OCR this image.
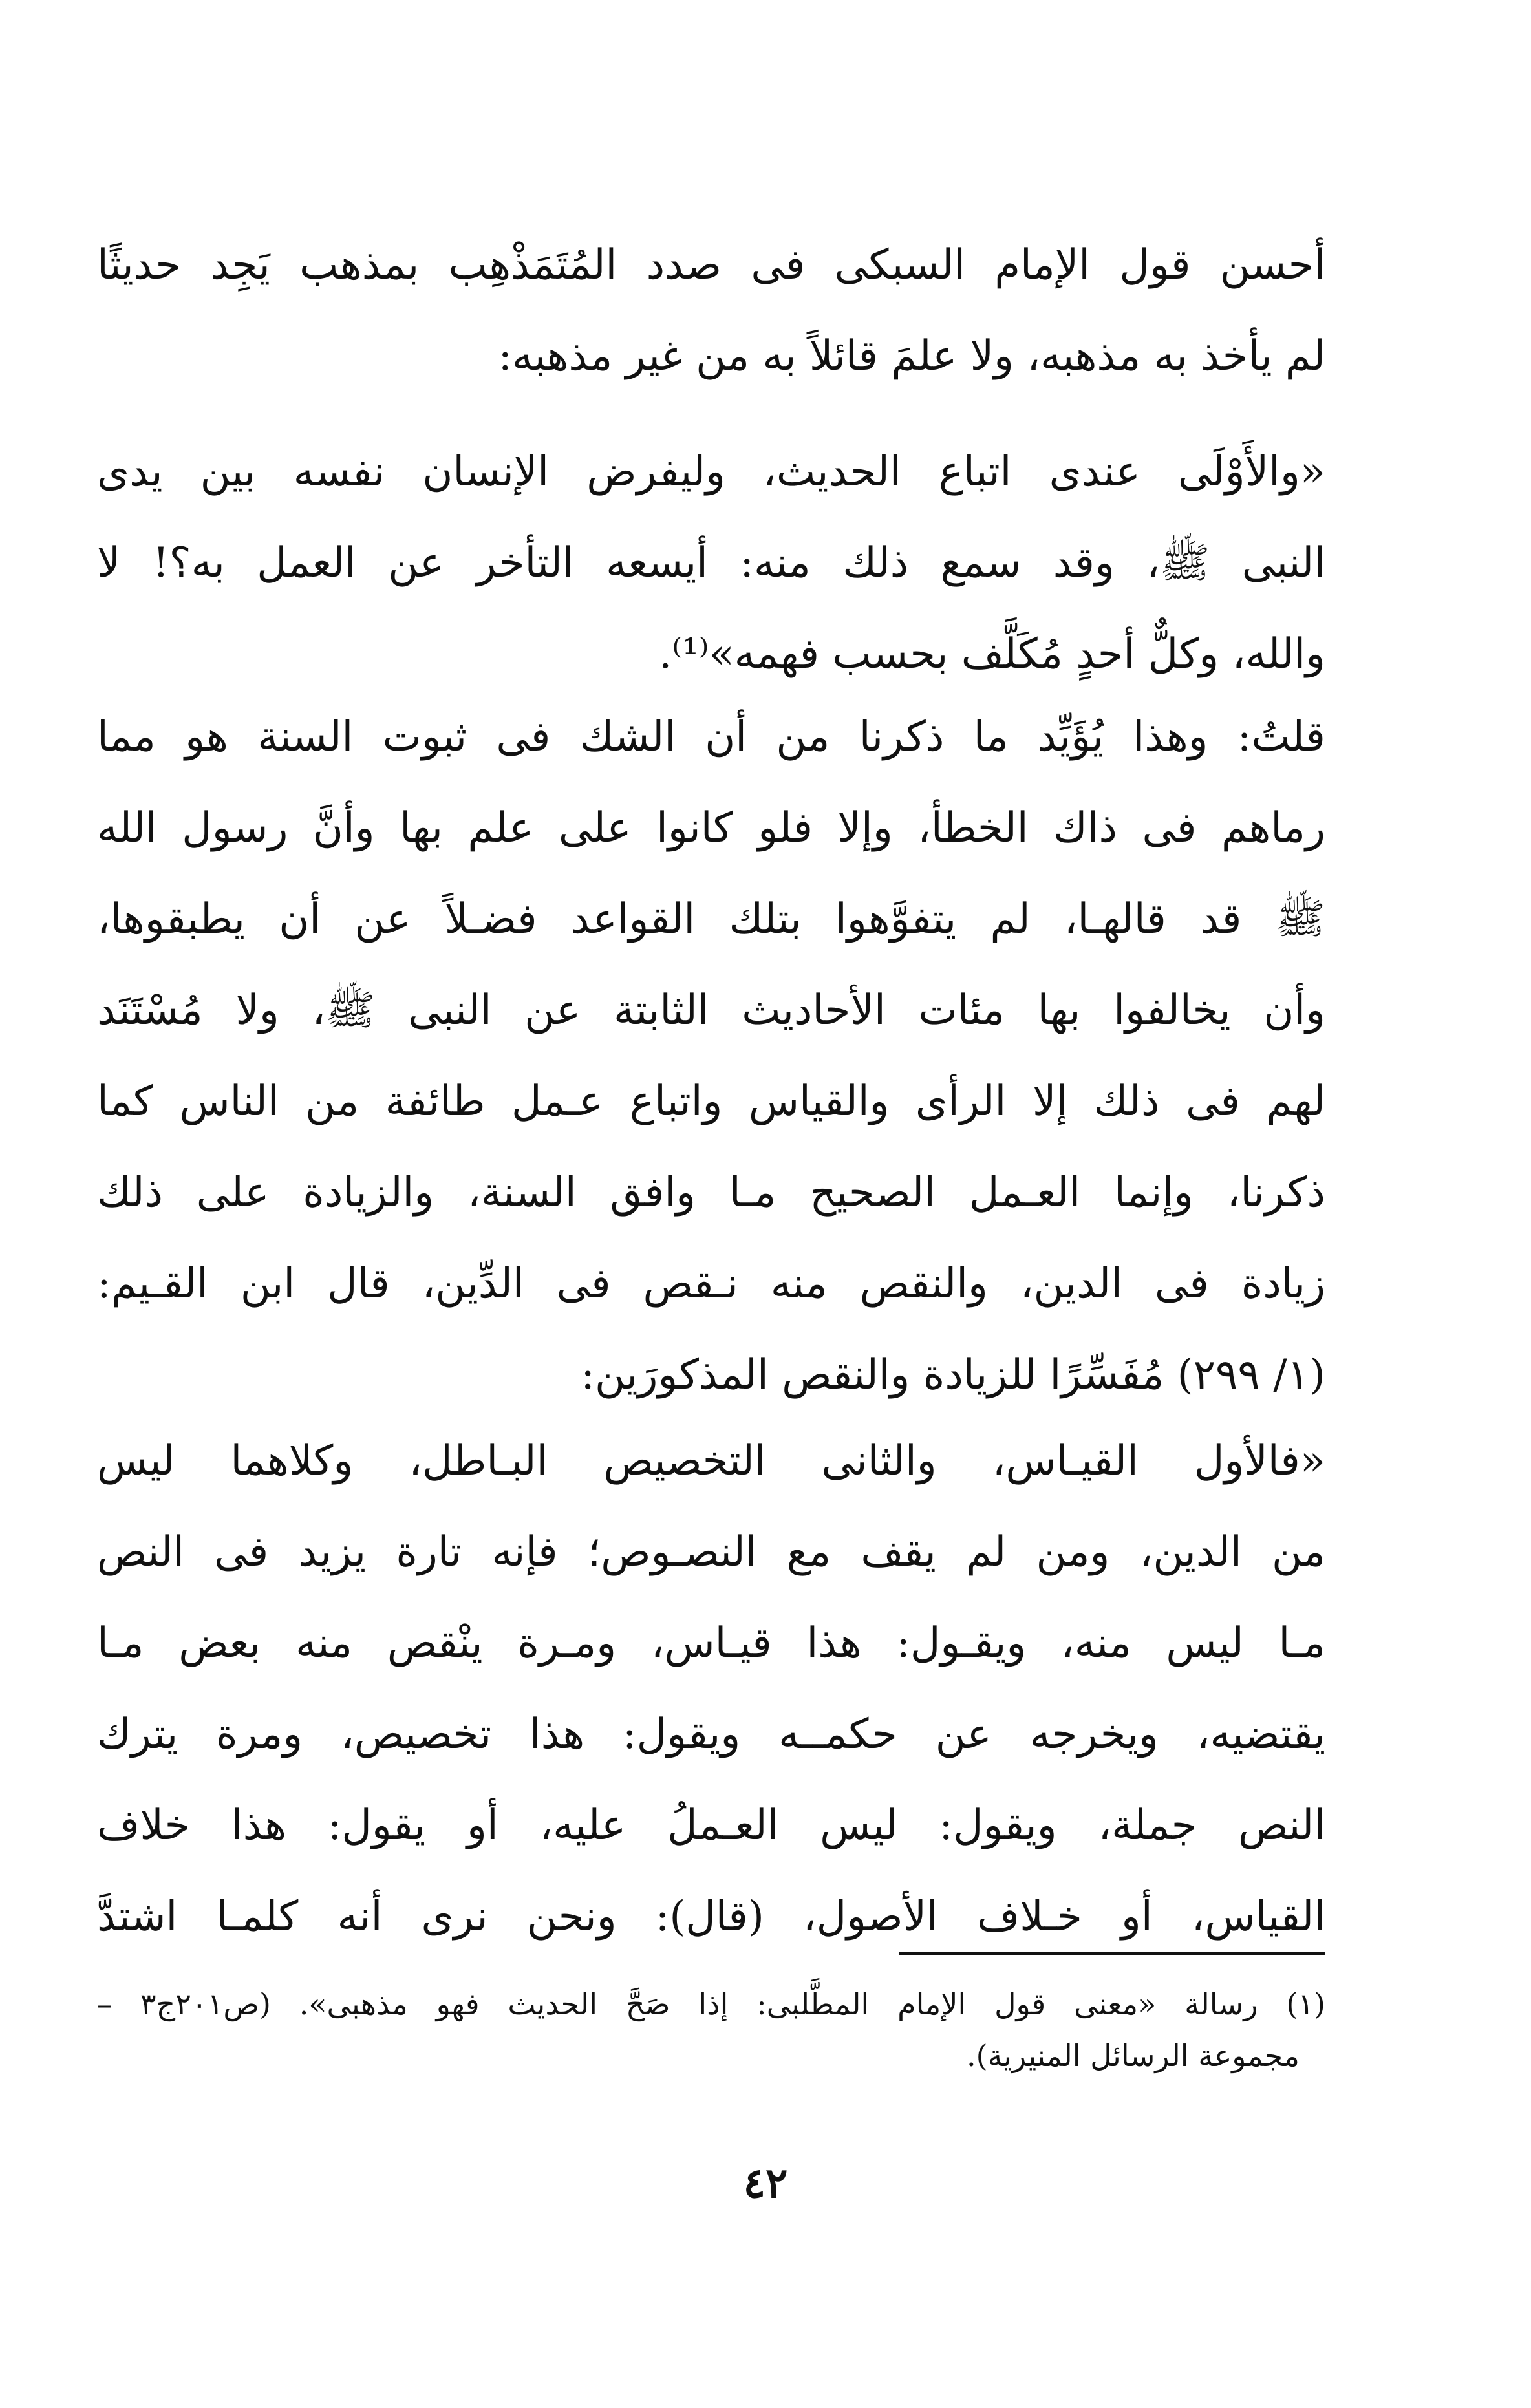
أحسن قول الإمام السبكى فى صدد المُتَمَذْهِب بمذهب يَجِد حديثًا
لم يأخذ به مذهبه، ولا علمَ قائلاً به من غير مذهبه:
«والأَوْلَى عندى اتباع الحديث، وليفرض الإنسان نفسه بين يدى
النبى ﷺ، وقد سمع ذلك منه: أيسعه التأخر عن العمل به؟! لا
والله، وكلٌّ أحدٍ مُكَلَّف بحسب فهمه»⁽¹⁾.
قلتُ: وهذا يُؤَيِّد ما ذكرنا من أن الشك فى ثبوت السنة هو مما
رماهم فى ذاك الخطأ، وإلا فلو كانوا على علم بها وأنَّ رسول الله
ﷺ قد قالهـا، لم يتفوَّهوا بتلك القواعد فضـلاً عن أن يطبقوها،
وأن يخالفوا بها مئات الأحاديث الثابتة عن النبى ﷺ، ولا مُسْتَنَد
لهم فى ذلك إلا الرأى والقياس واتباع عـمل طائفة من الناس كما
ذكرنا، وإنما العـمل الصحيح مـا وافق السنة، والزيادة على ذلك
زيادة فى الدين، والنقص منه نـقص فى الدِّين، قال ابن القـيم:
(١/ ٢٩٩) مُفَسِّرًا للزيادة والنقص المذكورَين:
«فالأول القيـاس، والثانى التخصيص البـاطل، وكلاهما ليس
من الدين، ومن لم يقف مع النصـوص؛ فإنه تارة يزيد فى النص
مـا ليس منه، ويقـول: هذا قيـاس، ومـرة ينْقص منه بعض مـا
يقتضيه، ويخرجه عن حكمــه ويقول: هذا تخصيص، ومرة يترك
النص جملة، ويقول: ليس العـملُ عليه، أو يقول: هذا خلاف
القياس، أو خـلاف الأصول، (قال): ونحن نرى أنه كلمـا اشتدَّ
(١) رسالة «معنى قول الإمام المطَّلبى: إذا صَحَّ الحديث فهو مذهبى». (ص٢٠١ج٣ –
مجموعة الرسائل المنيرية).
٤٢
